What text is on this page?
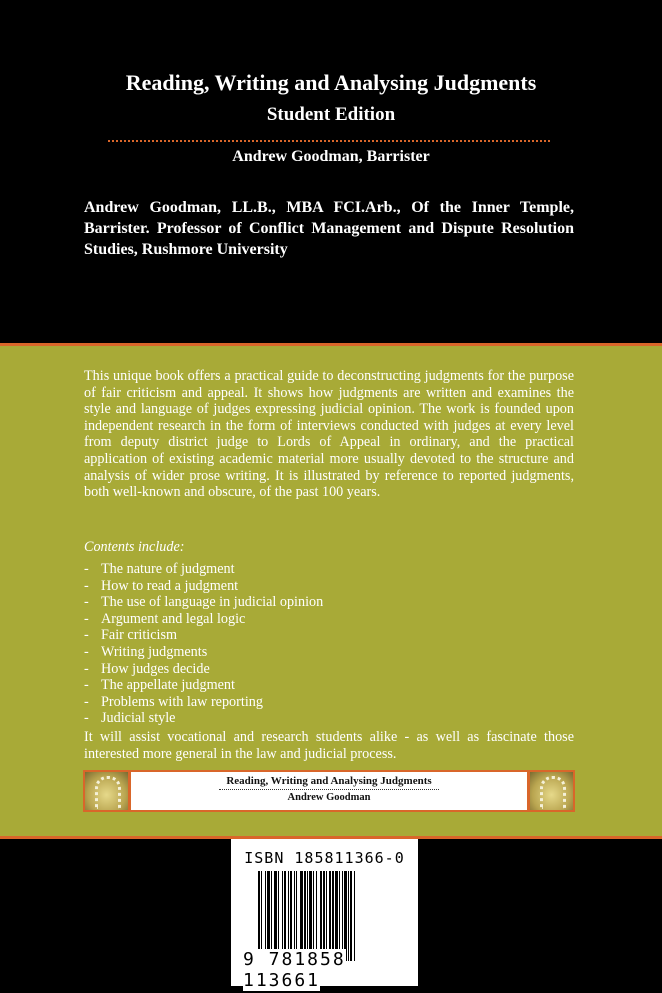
Reading, Writing and Analysing Judgments
Student Edition
Andrew Goodman, Barrister
Andrew Goodman, LL.B., MBA FCI.Arb., Of the Inner Temple, Barrister. Professor of Conflict Management and Dispute Resolution Studies, Rushmore University
This unique book offers a practical guide to deconstructing judgments for the purpose of fair criticism and appeal. It shows how judgments are written and examines the style and language of judges expressing judicial opinion. The work is founded upon independent research in the form of interviews conducted with judges at every level from deputy district judge to Lords of Appeal in ordinary, and the practical application of existing academic material more usually devoted to the structure and analysis of wider prose writing. It is illustrated by reference to reported judgments, both well-known and obscure, of the past 100 years.
Contents include:
- The nature of judgment
- How to read a judgment
- The use of language in judicial opinion
- Argument and legal logic
- Fair criticism
- Writing judgments
- How judges decide
- The appellate judgment
- Problems with law reporting
- Judicial style
It will assist vocational and research students alike - as well as fascinate those interested more general in the law and judicial process.
Reading, Writing and Analysing Judgments
Andrew Goodman
ISBN 185811366-0
9 781858 113661
